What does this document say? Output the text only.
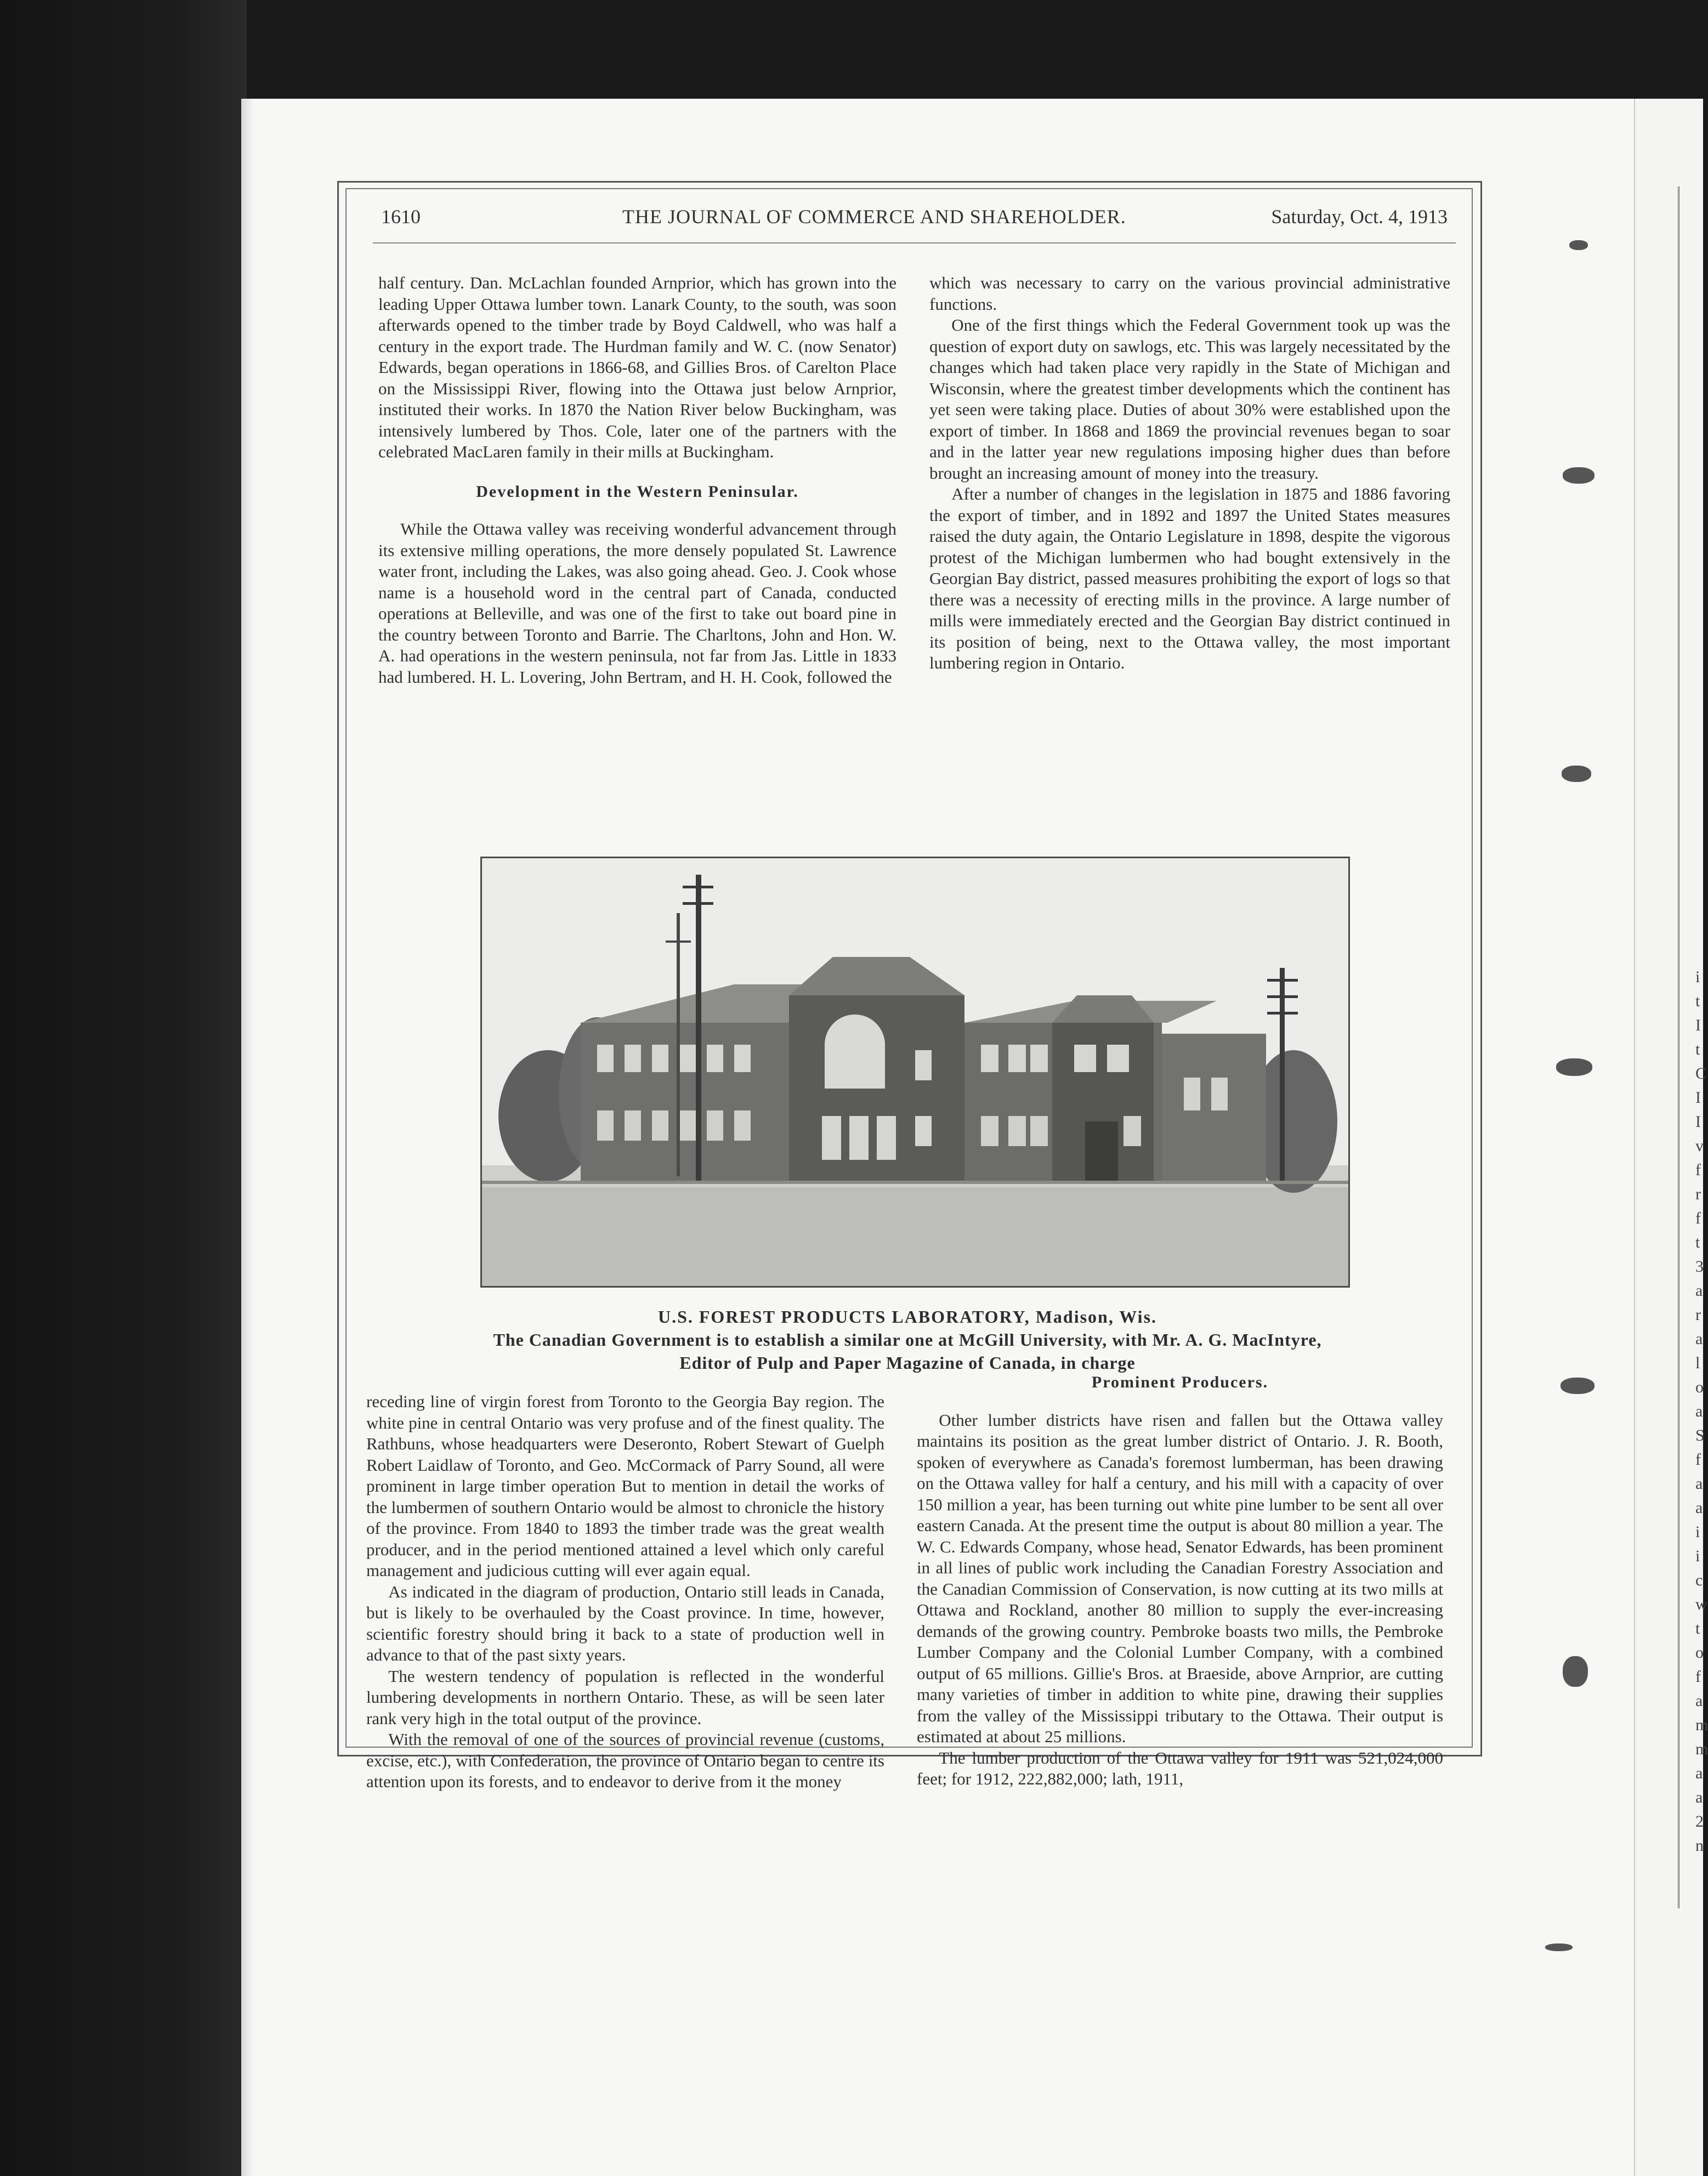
i t I t C I I v f r f t 3 a r a l o a S f a a i i c w t o f a m m a a 2 n
1610	THE JOURNAL OF COMMERCE AND SHAREHOLDER.	Saturday, Oct. 4, 1913

half century. Dan. McLachlan founded Arnprior, which has grown into the leading Upper Ottawa lumber town. Lanark County, to the south, was soon afterwards opened to the timber trade by Boyd Caldwell, who was half a century in the export trade. The Hurdman family and W. C. (now Senator) Edwards, began operations in 1866-68, and Gillies Bros. of Carelton Place on the Mississippi River, flowing into the Ottawa just below Arnprior, instituted their works. In 1870 the Nation River below Buckingham, was intensively lumbered by Thos. Cole, later one of the partners with the celebrated MacLaren family in their mills at Buckingham.

Development in the Western Peninsular.

While the Ottawa valley was receiving wonderful advancement through its extensive milling operations, the more densely populated St. Lawrence water front, including the Lakes, was also going ahead. Geo. J. Cook whose name is a household word in the central part of Canada, conducted operations at Belleville, and was one of the first to take out board pine in the country between Toronto and Barrie. The Charltons, John and Hon. W. A. had operations in the western peninsula, not far from Jas. Little in 1833 had lumbered. H. L. Lovering, John Bertram, and H. H. Cook, followed the

which was necessary to carry on the various provincial administrative functions.

One of the first things which the Federal Government took up was the question of export duty on sawlogs, etc. This was largely necessitated by the changes which had taken place very rapidly in the State of Michigan and Wisconsin, where the greatest timber developments which the continent has yet seen were taking place. Duties of about 30% were established upon the export of timber. In 1868 and 1869 the provincial revenues began to soar and in the latter year new regulations imposing higher dues than before brought an increasing amount of money into the treasury.

After a number of changes in the legislation in 1875 and 1886 favoring the export of timber, and in 1892 and 1897 the United States measures raised the duty again, the Ontario Legislature in 1898, despite the vigorous protest of the Michigan lumbermen who had bought extensively in the Georgian Bay district, passed measures prohibiting the export of logs so that there was a necessity of erecting mills in the province. A large number of mills were immediately erected and the Georgian Bay district continued in its position of being, next to the Ottawa valley, the most important lumbering region in Ontario.

U.S. FOREST PRODUCTS LABORATORY, Madison, Wis.
The Canadian Government is to establish a similar one at McGill University, with Mr. A. G. MacIntyre,
Editor of Pulp and Paper Magazine of Canada, in charge

receding line of virgin forest from Toronto to the Georgia Bay region. The white pine in central Ontario was very profuse and of the finest quality. The Rathbuns, whose headquarters were Deseronto, Robert Stewart of Guelph Robert Laidlaw of Toronto, and Geo. McCormack of Parry Sound, all were prominent in large timber operation But to mention in detail the works of the lumbermen of southern Ontario would be almost to chronicle the history of the province. From 1840 to 1893 the timber trade was the great wealth producer, and in the period mentioned attained a level which only careful management and judicious cutting will ever again equal.

As indicated in the diagram of production, Ontario still leads in Canada, but is likely to be overhauled by the Coast province. In time, however, scientific forestry should bring it back to a state of production well in advance to that of the past sixty years.

The western tendency of population is reflected in the wonderful lumbering developments in northern Ontario. These, as will be seen later rank very high in the total output of the province.

With the removal of one of the sources of provincial revenue (customs, excise, etc.), with Confederation, the province of Ontario began to centre its attention upon its forests, and to endeavor to derive from it the money

Prominent Producers.

Other lumber districts have risen and fallen but the Ottawa valley maintains its position as the great lumber district of Ontario. J. R. Booth, spoken of everywhere as Canada's foremost lumberman, has been drawing on the Ottawa valley for half a century, and his mill with a capacity of over 150 million a year, has been turning out white pine lumber to be sent all over eastern Canada. At the present time the output is about 80 million a year. The W. C. Edwards Company, whose head, Senator Edwards, has been prominent in all lines of public work including the Canadian Forestry Association and the Canadian Commission of Conservation, is now cutting at its two mills at Ottawa and Rockland, another 80 million to supply the ever-increasing demands of the growing country. Pembroke boasts two mills, the Pembroke Lumber Company and the Colonial Lumber Company, with a combined output of 65 millions. Gillie's Bros. at Braeside, above Arnprior, are cutting many varieties of timber in addition to white pine, drawing their supplies from the valley of the Mississippi tributary to the Ottawa. Their output is estimated at about 25 millions.

The lumber production of the Ottawa valley for 1911 was 521,024,000 feet; for 1912, 222,882,000; lath, 1911,
